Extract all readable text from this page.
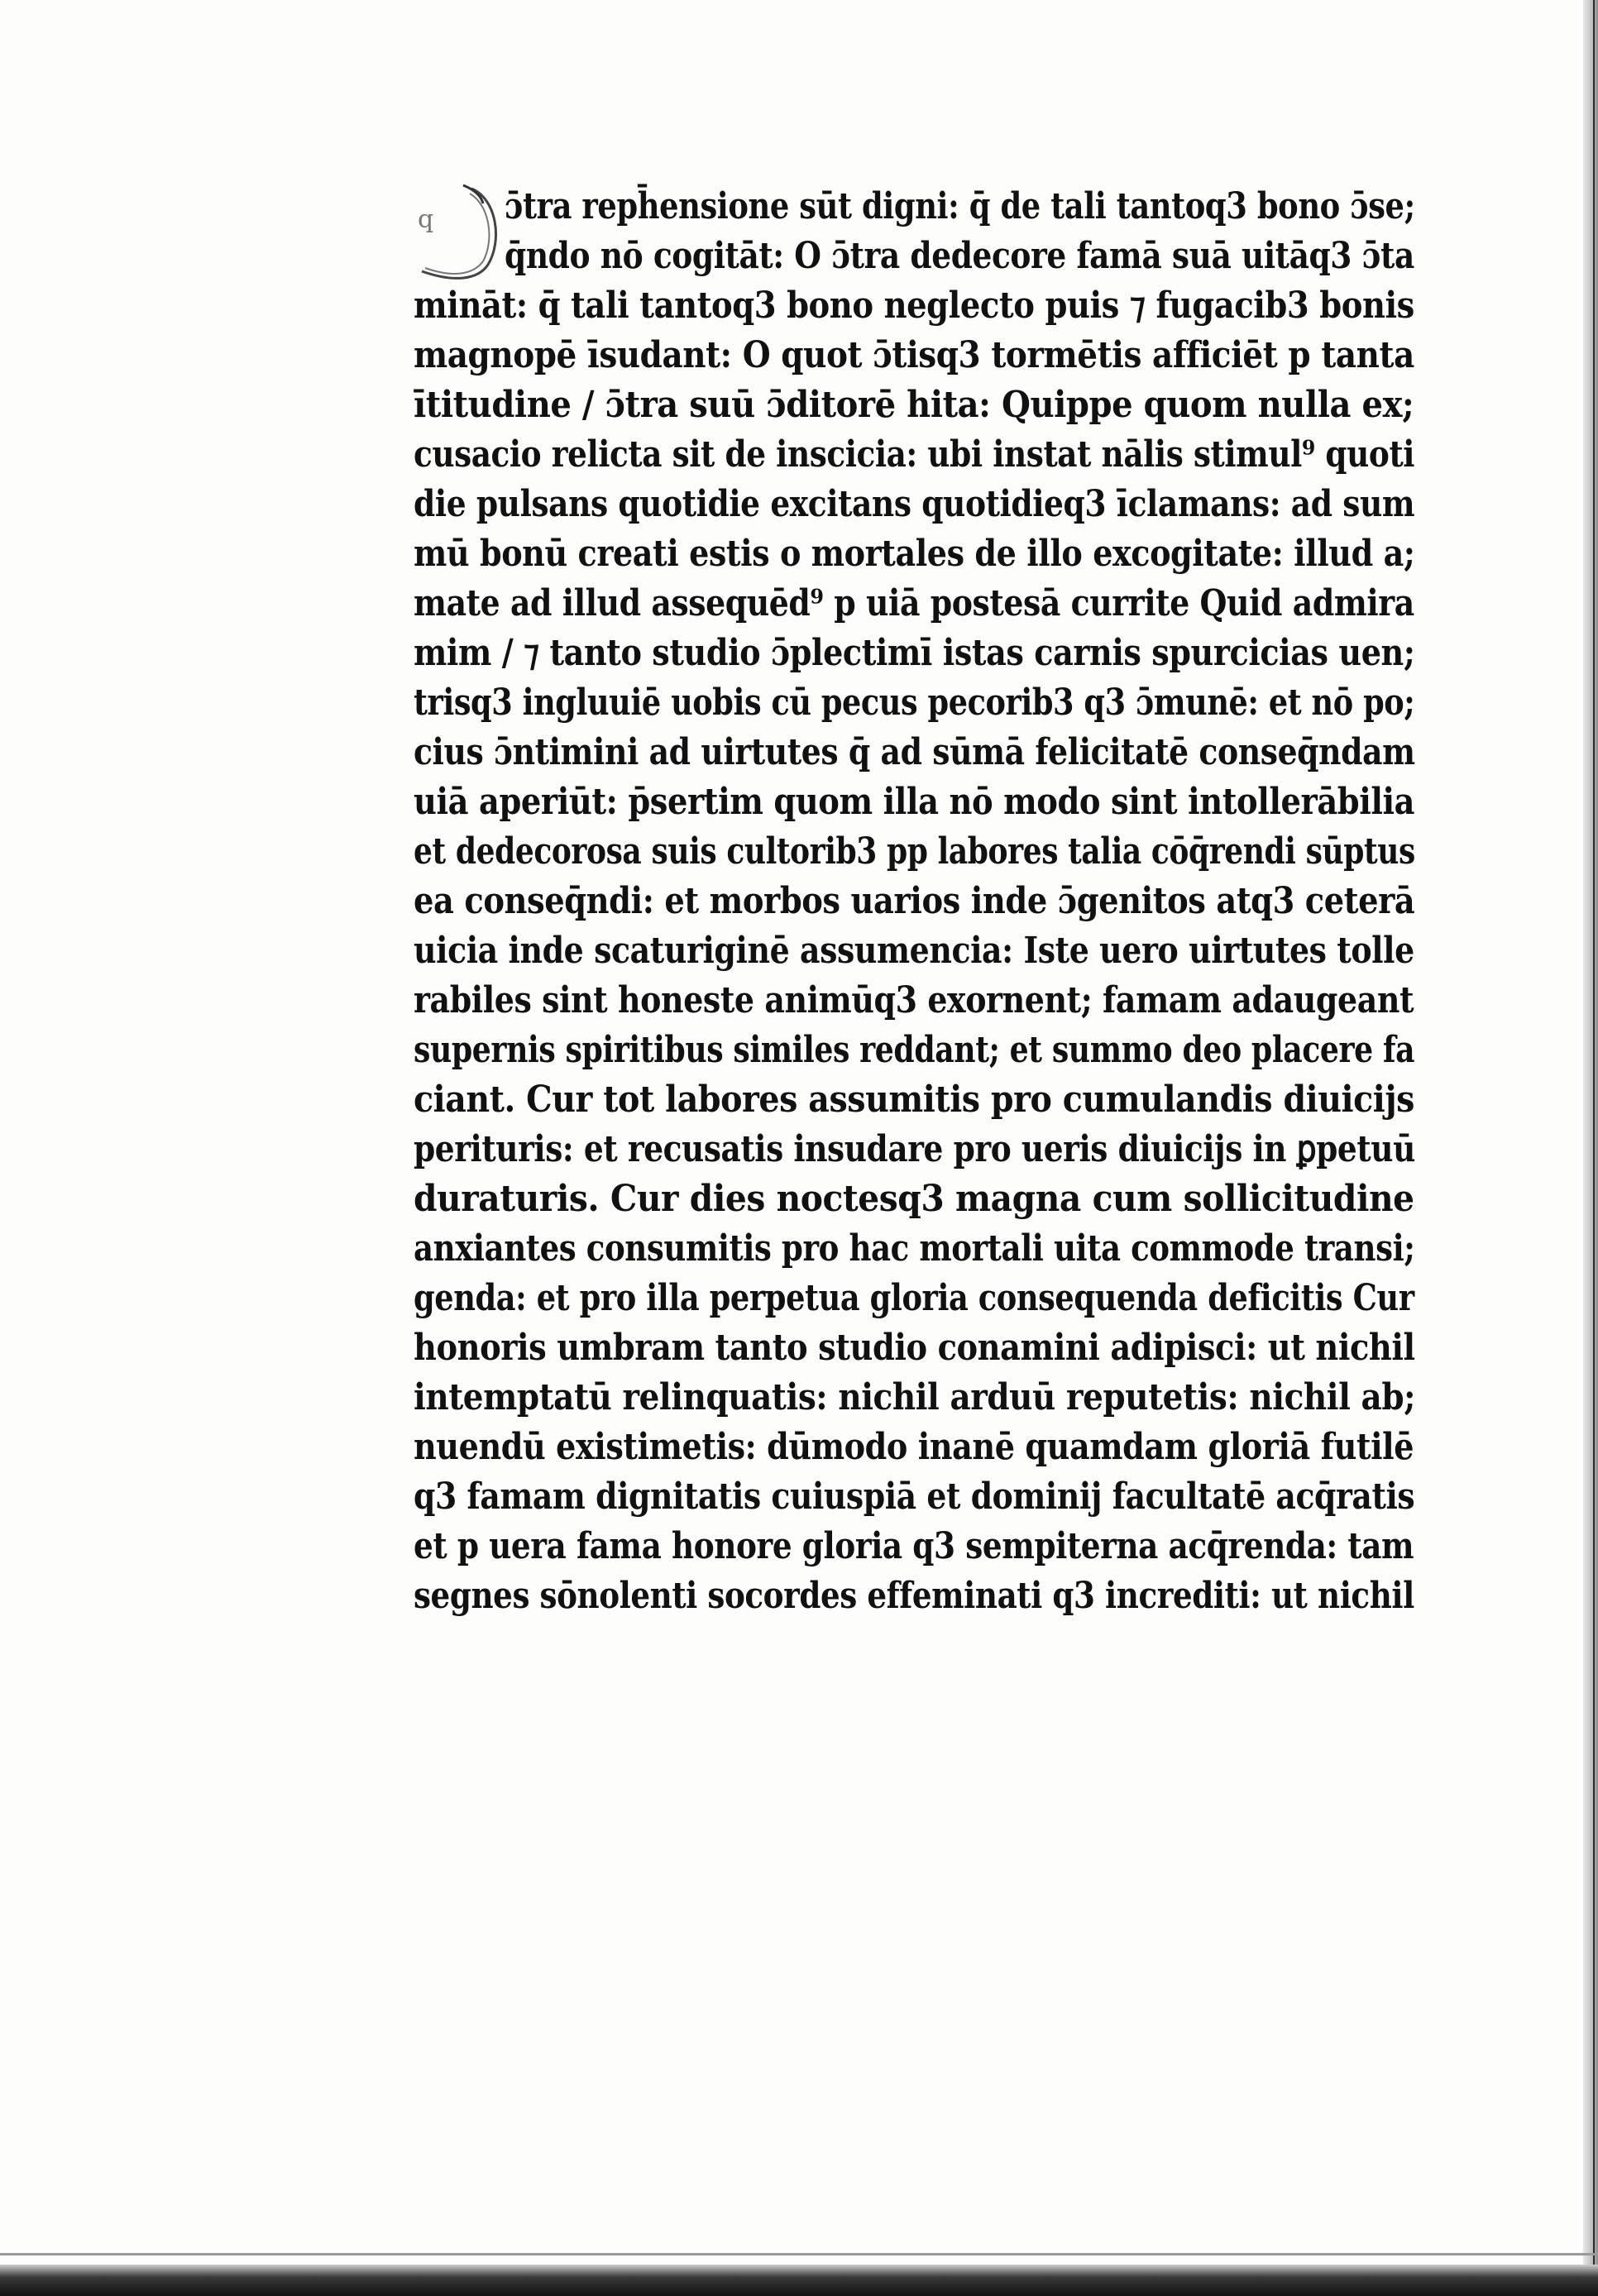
q ɔ̄tra reph̄ensione sūt digni: q̄ de tali tantoq3 bono ɔ̄se;
q̄ndo nō cogitāt: O ɔ̄tra dedecore famā suā uitāq3 ɔ̄ta
mināt: q̄ tali tantoq3 bono neglecto puis ⁊ fugacib3 bonis
magnopē īsudant: O quot ɔ̄tisq3 tormētis afficiēt p tanta
ītitudine / ɔ̄tra suū ɔ̄ditorē hita: Quippe quom nulla ex;
cusacio relicta sit de inscicia: ubi instat nālis stimul⁹ quoti
die pulsans quotidie excitans quotidieq3 īclamans: ad sum
mū bonū creati estis o mortales de illo excogitate: illud a;
mate ad illud assequēd⁹ p uiā postesā currite Quid admira
mim / ⁊ tanto studio ɔ̄plectimī istas carnis spurcicias uen;
trisq3 ingluuiē uobis cū pecus pecorib3 q3 ɔ̄munē: et nō po;
cius ɔ̄ntimini ad uirtutes q̄ ad sūmā felicitatē conseq̄ndam
uiā aperiūt: p̄sertim quom illa nō modo sint intollerābilia
et dedecorosa suis cultorib3 pp labores talia cōq̄rendi sūptus
ea conseq̄ndi: et morbos uarios inde ɔ̄genitos atq3 ceterā
uicia inde scaturiginē assumencia: Iste uero uirtutes tolle
rabiles sint honeste animūq3 exornent; famam adaugeant
supernis spiritibus similes reddant; et summo deo placere fa
ciant. Cur tot labores assumitis pro cumulandis diuicijs
perituris: et recusatis insudare pro ueris diuicijs in ꝑpetuū
duraturis. Cur dies noctesq3 magna cum sollicitudine
anxiantes consumitis pro hac mortali uita commode transi;
genda: et pro illa perpetua gloria consequenda deficitis Cur
honoris umbram tanto studio conamini adipisci: ut nichil
intemptatū relinquatis: nichil arduū reputetis: nichil ab;
nuendū existimetis: dūmodo inanē quamdam gloriā futilē
q3 famam dignitatis cuiuspiā et dominij facultatē acq̄ratis
et p uera fama honore gloria q3 sempiterna acq̄renda: tam
segnes sōnolenti socordes effeminati q3 increditi: ut nichil
